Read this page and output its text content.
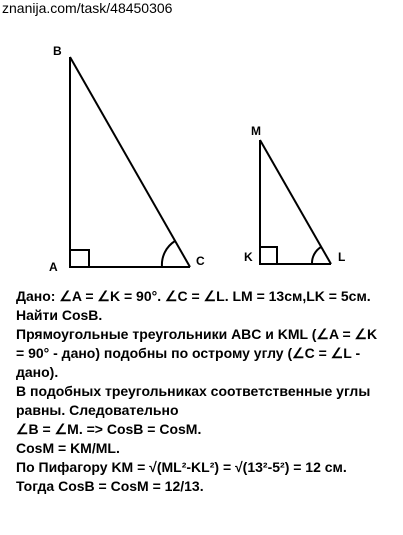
znanija.com/task/48450306
B
A	C
M
K	L
Дано: ∠A = ∠K = 90°. ∠C = ∠L. LM = 13см,LK = 5см.
Найти CosB.
Прямоугольные треугольники ABC и KML (∠A = ∠K
= 90° - дано) подобны по острому углу (∠C = ∠L -
дано).
В подобных треугольниках соответственные углы
равны. Следовательно
∠B = ∠M. => CosB = CosM.
CosM = KM/ML.
По Пифагору KM = √(ML²-KL²) = √(13²-5²) = 12 см.
Тогда CosB = CosM = 12/13.
